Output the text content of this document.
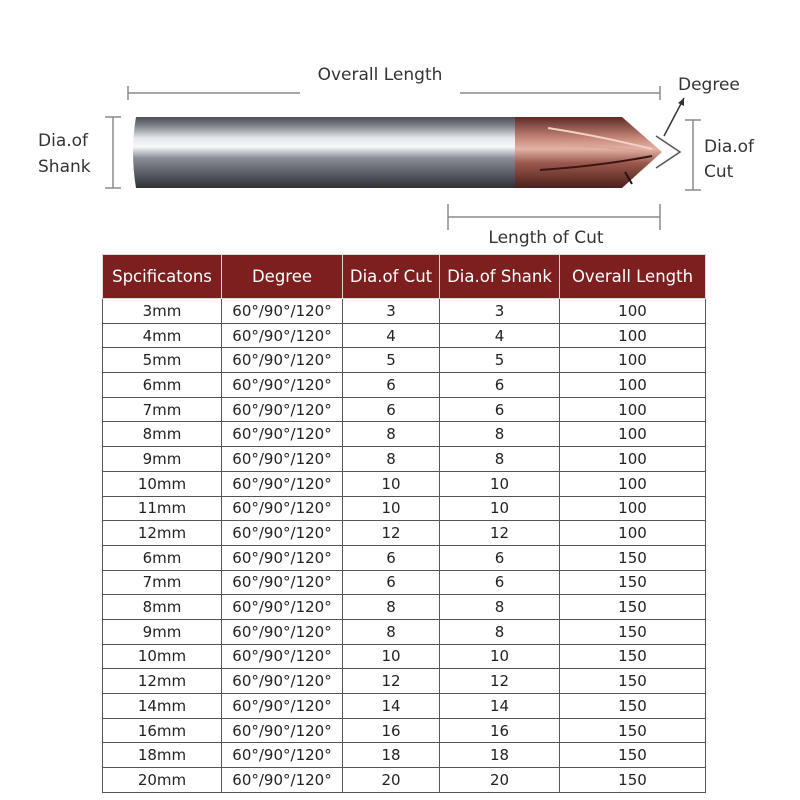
Overall Length	Degree
Dia.of
Shank
Dia.of
Cut
Length of Cut
Spcificatons	Degree	Dia.of Cut	Dia.of Shank	Overall Length
3mm	60°/90°/120°	3	3	100
4mm	60°/90°/120°	4	4	100
5mm	60°/90°/120°	5	5	100
6mm	60°/90°/120°	6	6	100
7mm	60°/90°/120°	6	6	100
8mm	60°/90°/120°	8	8	100
9mm	60°/90°/120°	8	8	100
10mm	60°/90°/120°	10	10	100
11mm	60°/90°/120°	10	10	100
12mm	60°/90°/120°	12	12	100
6mm	60°/90°/120°	6	6	150
7mm	60°/90°/120°	6	6	150
8mm	60°/90°/120°	8	8	150
9mm	60°/90°/120°	8	8	150
10mm	60°/90°/120°	10	10	150
12mm	60°/90°/120°	12	12	150
14mm	60°/90°/120°	14	14	150
16mm	60°/90°/120°	16	16	150
18mm	60°/90°/120°	18	18	150
20mm	60°/90°/120°	20	20	150
